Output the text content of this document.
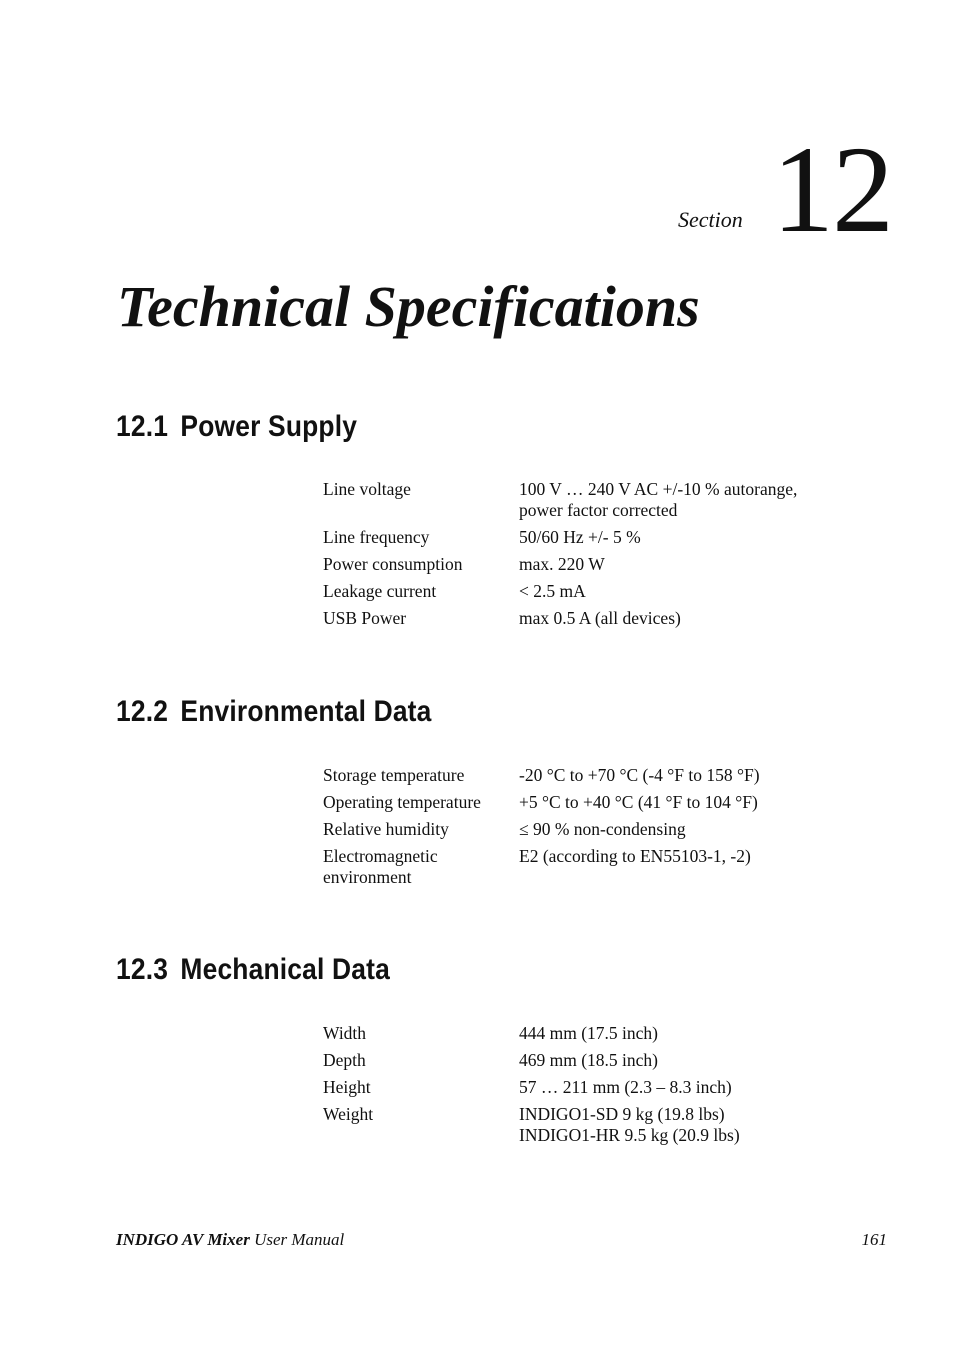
Section 12
Technical Specifications
12.1 Power Supply
Line voltage	100 V … 240 V AC +/-10 % autorange,
power factor corrected
Line frequency	50/60 Hz +/- 5 %
Power consumption	max. 220 W
Leakage current	< 2.5 mA
USB Power	max 0.5 A (all devices)
12.2 Environmental Data
Storage temperature	-20 °C to +70 °C (-4 °F to 158 °F)
Operating temperature	+5 °C to +40 °C (41 °F to 104 °F)
Relative humidity	≤ 90 % non-condensing
Electromagnetic environment	E2 (according to EN55103-1, -2)
12.3 Mechanical Data
Width	444 mm (17.5 inch)
Depth	469 mm (18.5 inch)
Height	57 … 211 mm (2.3 – 8.3 inch)
Weight	INDIGO1-SD 9 kg (19.8 lbs)
INDIGO1-HR 9.5 kg (20.9 lbs)
INDIGO AV Mixer User Manual	161
